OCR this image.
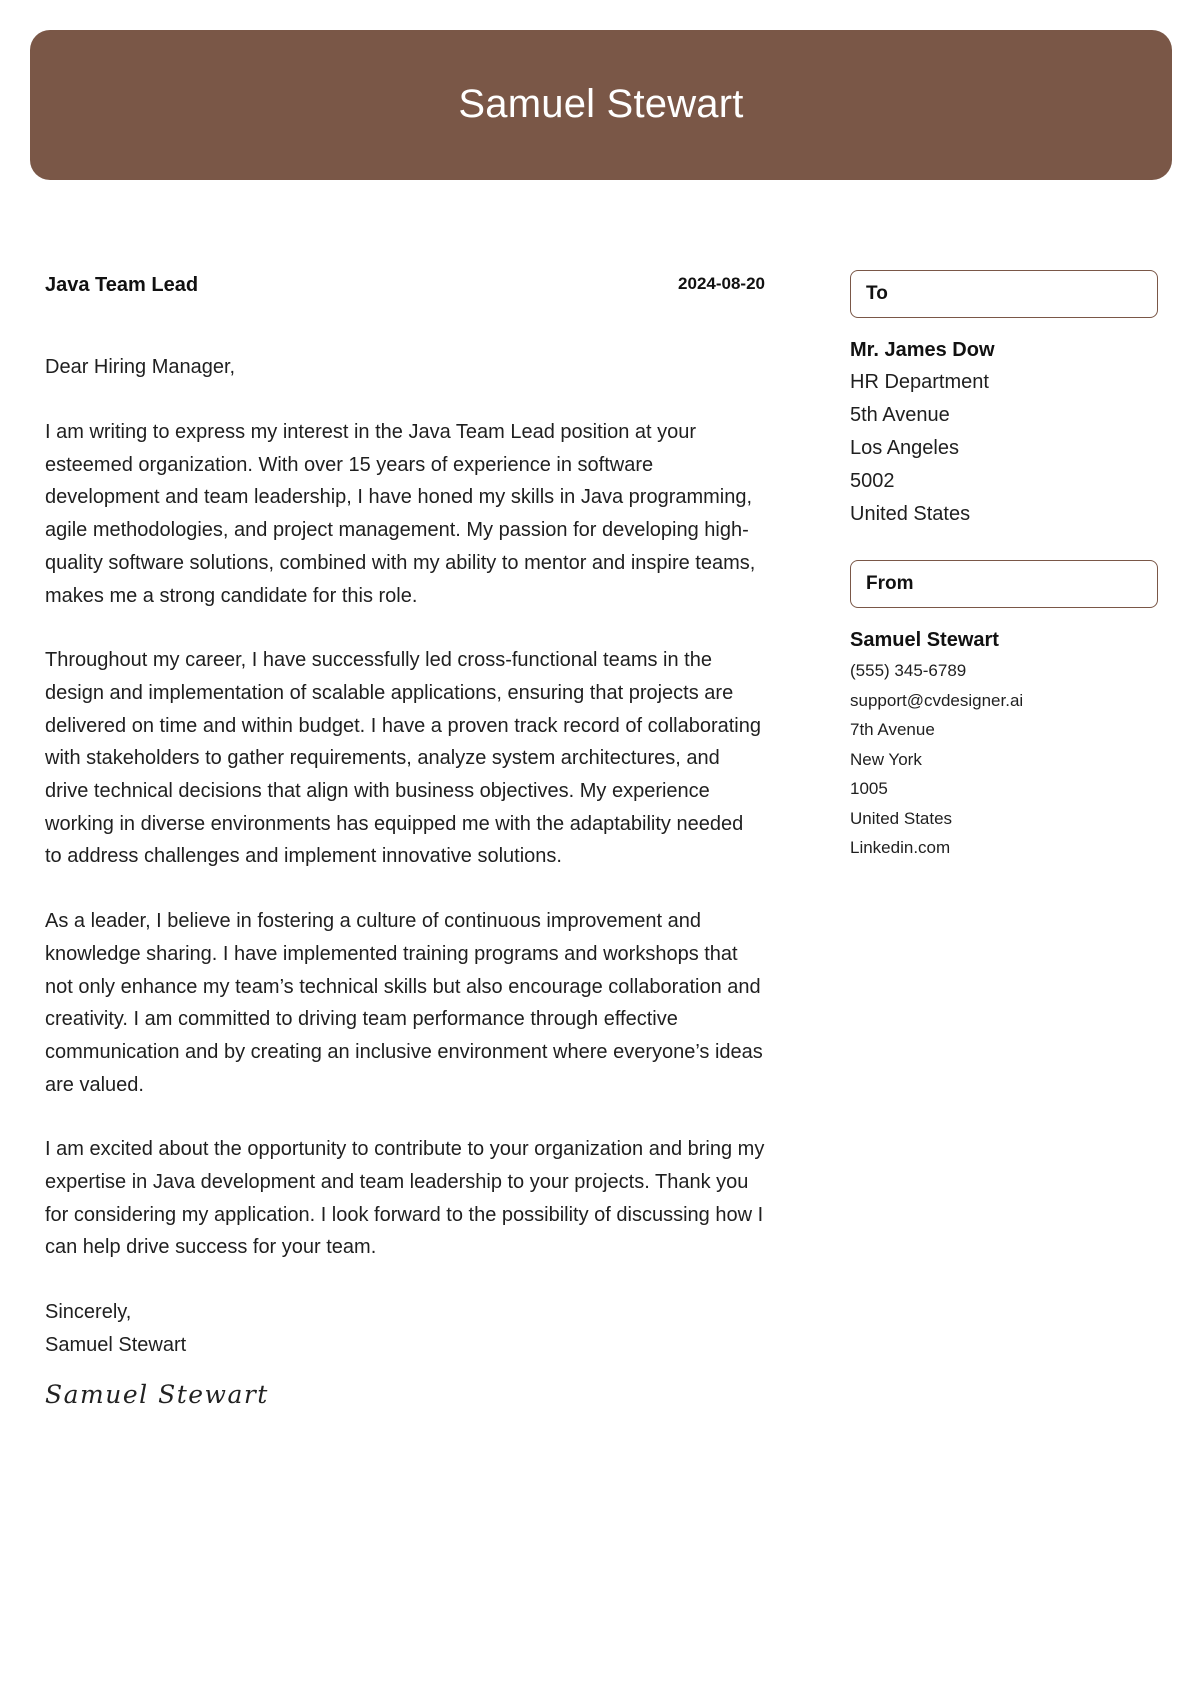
Samuel Stewart
Java Team Lead	2024-08-20
Dear Hiring Manager,
I am writing to express my interest in the Java Team Lead position at your esteemed organization. With over 15 years of experience in software development and team leadership, I have honed my skills in Java programming, agile methodologies, and project management. My passion for developing high-quality software solutions, combined with my ability to mentor and inspire teams, makes me a strong candidate for this role.
Throughout my career, I have successfully led cross-functional teams in the design and implementation of scalable applications, ensuring that projects are delivered on time and within budget. I have a proven track record of collaborating with stakeholders to gather requirements, analyze system architectures, and drive technical decisions that align with business objectives. My experience working in diverse environments has equipped me with the adaptability needed to address challenges and implement innovative solutions.
As a leader, I believe in fostering a culture of continuous improvement and knowledge sharing. I have implemented training programs and workshops that not only enhance my team’s technical skills but also encourage collaboration and creativity. I am committed to driving team performance through effective communication and by creating an inclusive environment where everyone’s ideas are valued.
I am excited about the opportunity to contribute to your organization and bring my expertise in Java development and team leadership to your projects. Thank you for considering my application. I look forward to the possibility of discussing how I can help drive success for your team.
Sincerely,
Samuel Stewart
Samuel Stewart
To
Mr. James Dow
HR Department
5th Avenue
Los Angeles
5002
United States
From
Samuel Stewart
(555) 345-6789
support@cvdesigner.ai
7th Avenue
New York
1005
United States
Linkedin.com
